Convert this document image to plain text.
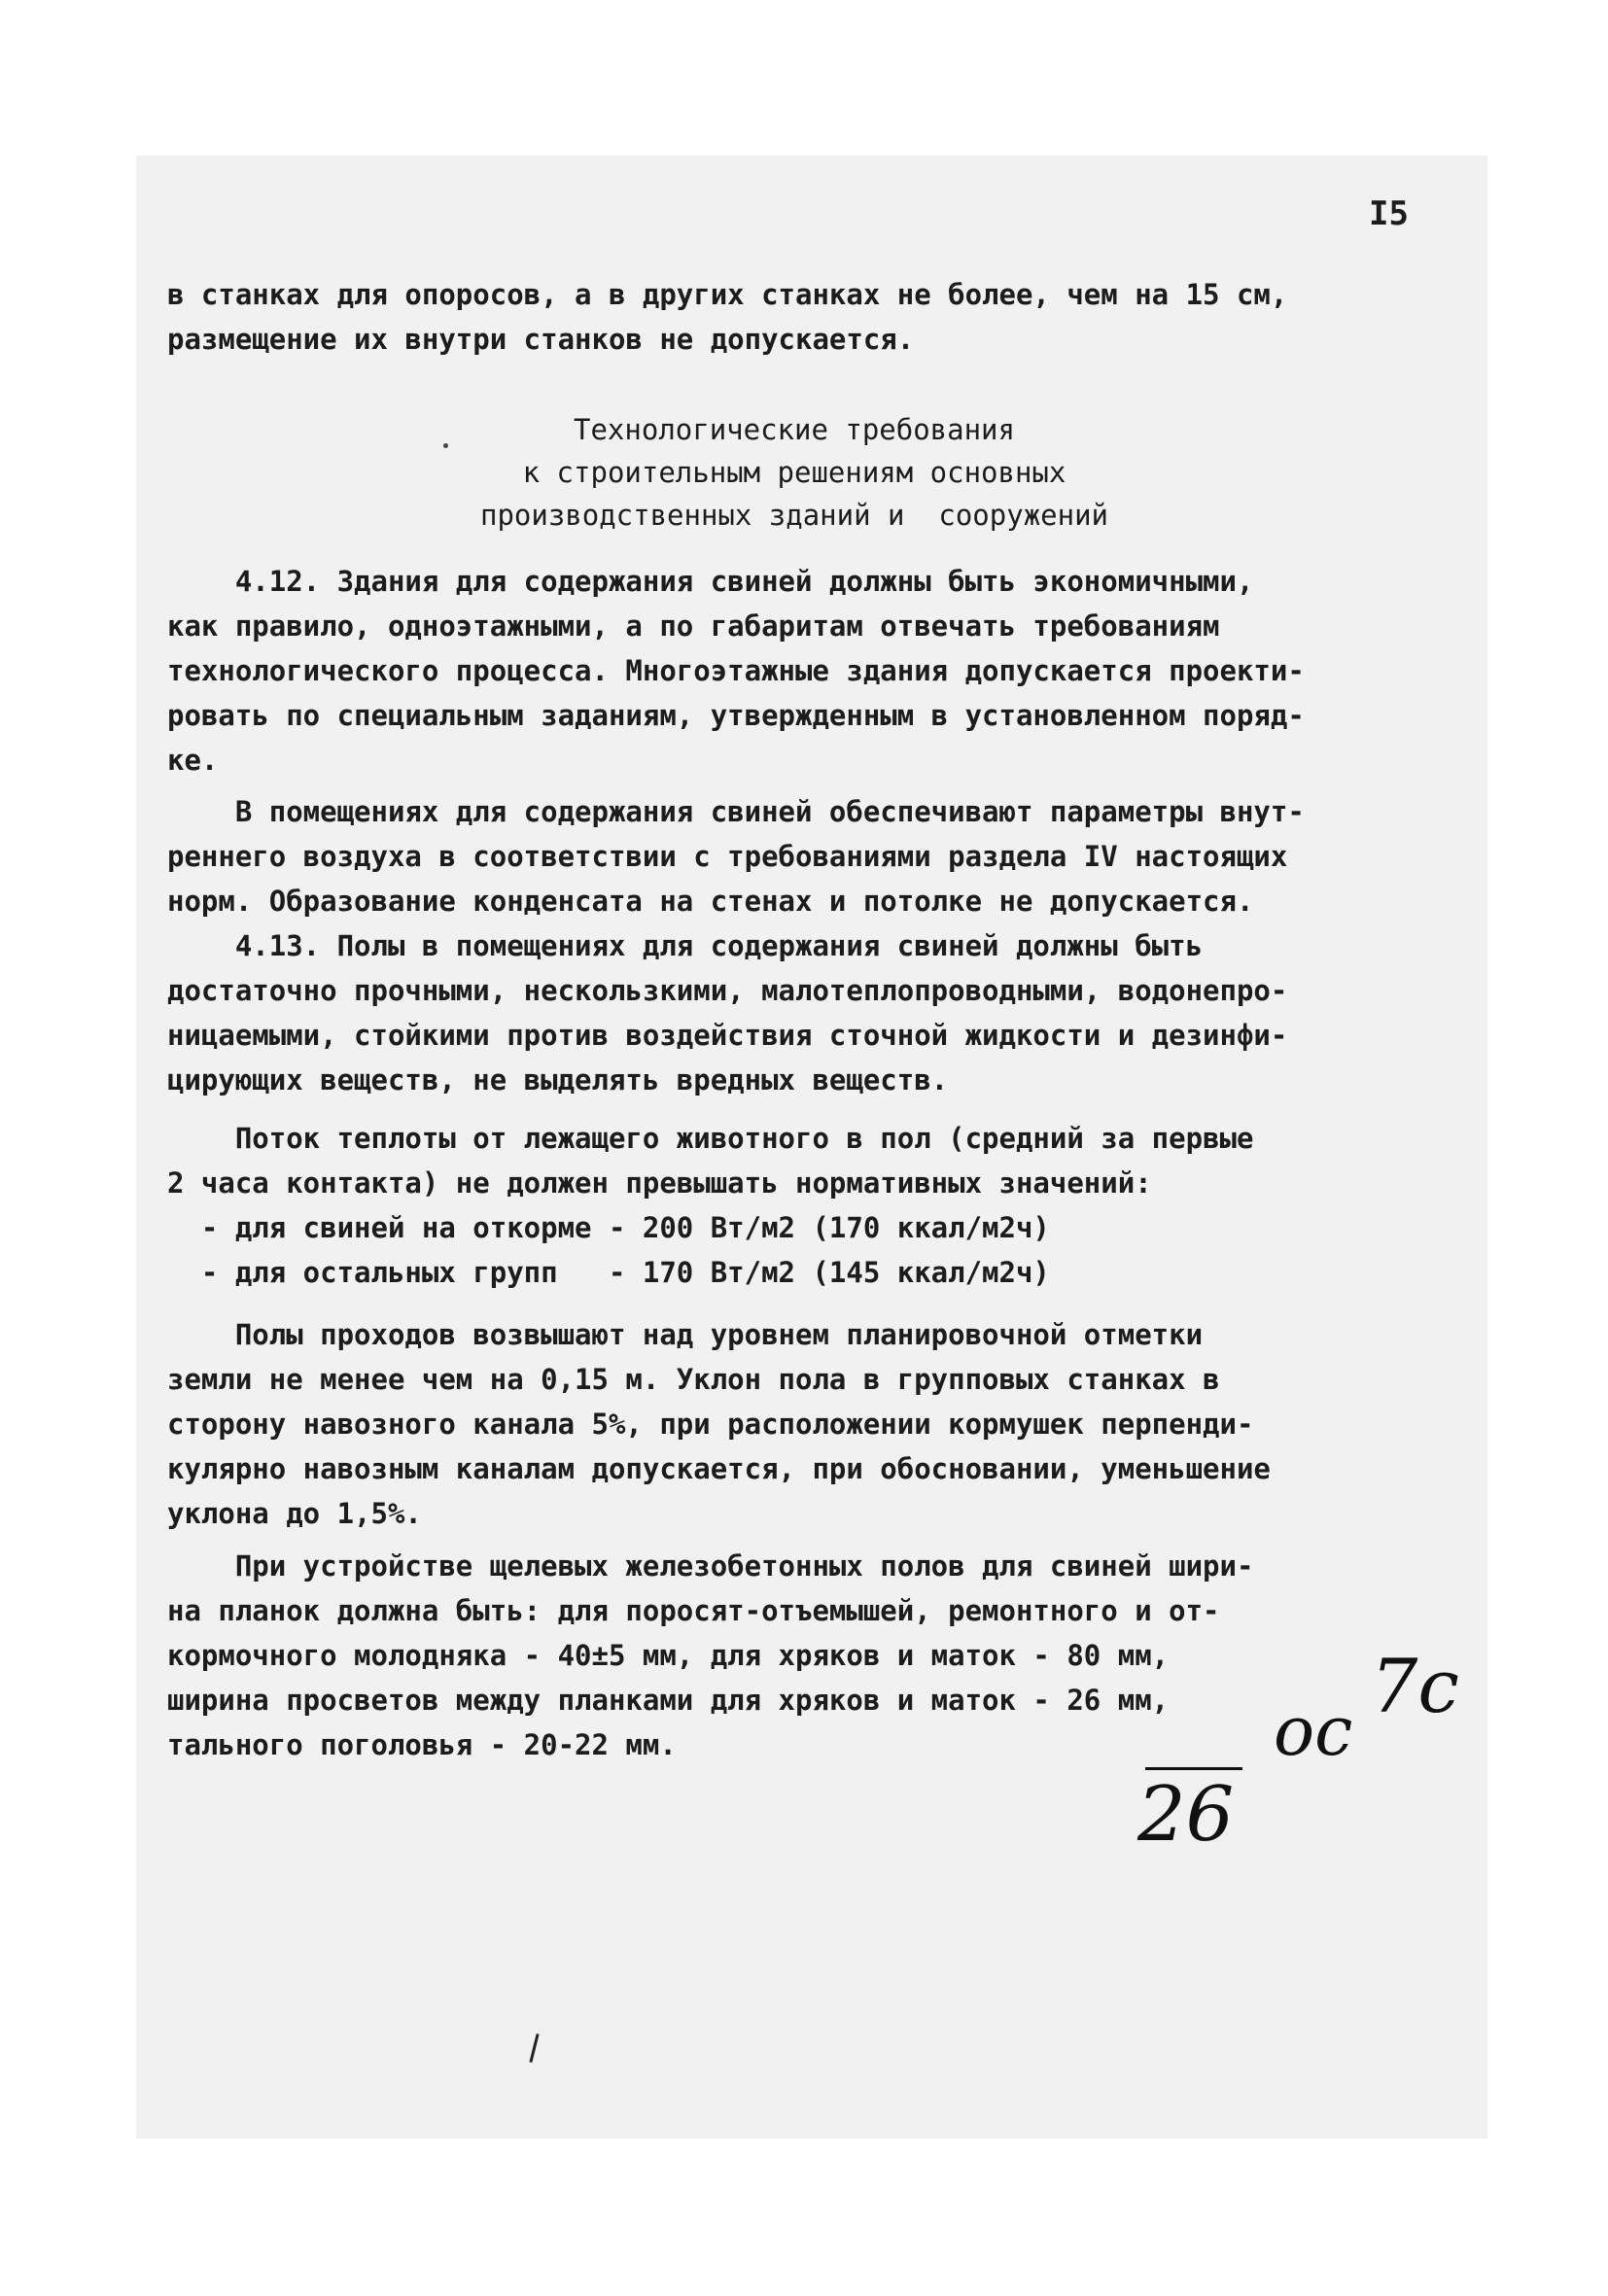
I5

в станках для опоросов, а в других станках не более, чем на 15 см,
размещение их внутри станков не допускается.
Технологические требования
к строительным решениям основных
производственных зданий и  сооружений
4.12. Здания для содержания свиней должны быть экономичными,
как правило, одноэтажными, а по габаритам отвечать требованиям
технологического процесса. Многоэтажные здания допускается проекти-
ровать по специальным заданиям, утвержденным в установленном поряд-
ке.
В помещениях для содержания свиней обеспечивают параметры внут-
реннего воздуха в соответствии с требованиями раздела IV настоящих
норм. Образование конденсата на стенах и потолке не допускается.
4.13. Полы в помещениях для содержания свиней должны быть
достаточно прочными, нескользкими, малотеплопроводными, водонепро-
ницаемыми, стойкими против воздействия сточной жидкости и дезинфи-
цирующих веществ, не выделять вредных веществ.
Поток теплоты от лежащего животного в пол (средний за первые
2 часа контакта) не должен превышать нормативных значений:
- для свиней на откорме - 200 Вт/м2 (170 ккал/м2ч)
- для остальных групп   - 170 Вт/м2 (145 ккал/м2ч)
Полы проходов возвышают над уровнем планировочной отметки
земли не менее чем на 0,15 м. Уклон пола в групповых станках в
сторону навозного канала 5%, при расположении кормушек перпенди-
кулярно навозным каналам допускается, при обосновании, уменьшение
уклона до 1,5%.
При устройстве щелевых железобетонных полов для свиней шири-
на планок должна быть: для поросят-отъемышей, ремонтного и от-
кормочного молодняка - 40±5 мм, для хряков и маток - 80 мм,
ширина просветов между планками для хряков и маток - 26 мм,
тального поголовья - 20-22 мм.

7с

ос

26
